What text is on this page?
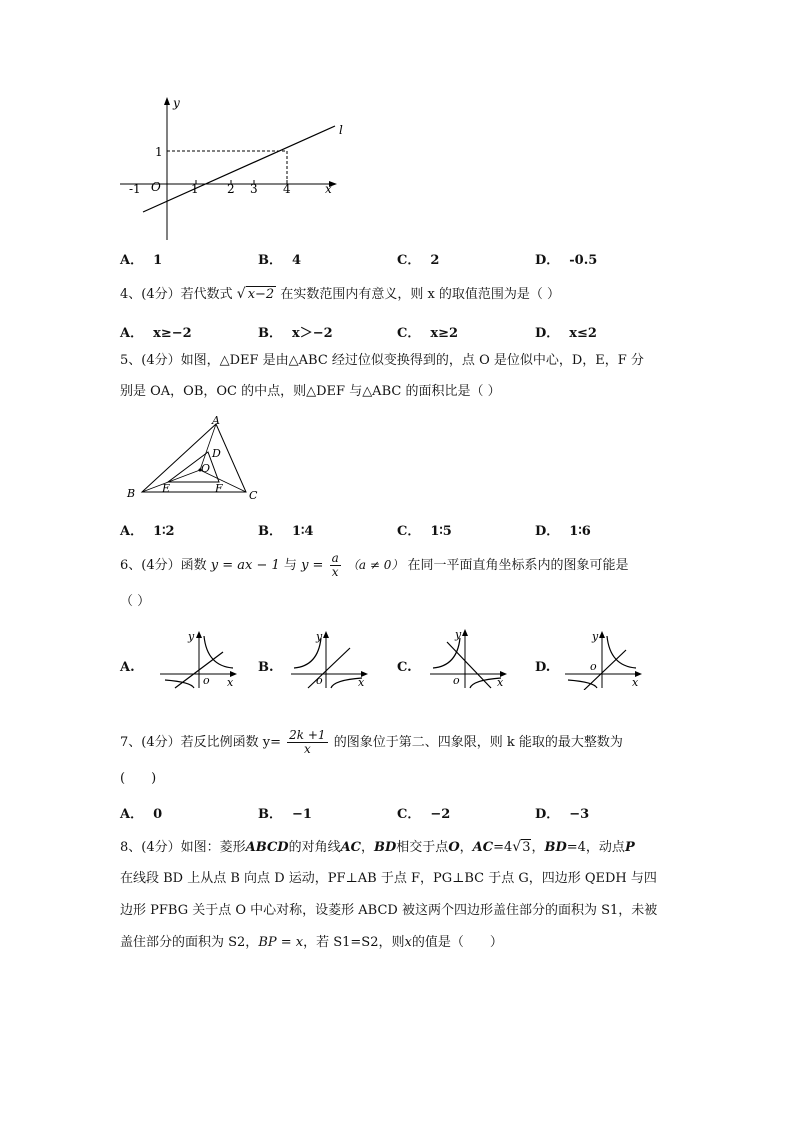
y
x
l
O
1
-1	1 2 3 4
A． 1	B． 4	C． 2	D． -0.5
4、(4分）若代数式 √ x−2 在实数范围内有意义，则 x 的取值范围为是（ ）
A． x≥−2	B． x＞−2	C． x≥2	D． x≤2
5、(4分）如图，△DEF 是由△ABC 经过位似变换得到的，点 O 是位似中心，D，E，F 分
别是 OA，OB，OC 的中点，则△DEF 与△ABC 的面积比是（ ）
A
B	C
D
E	F
O
A． 1∶2	B． 1∶4	C． 1∶5	D． 1∶6
6、(4分）函数 y = ax − 1 与 $y = \frac{a}{x} (a \ne 0)$ 在同一平面直角坐标系内的图象可能是
（ ）
A.
y
x
o
B.
y
x
o
C.
y
x
o
D.
y
x
o
7、(4分）若反比例函数 $y= \frac{2k +1}{x}$ 的图象位于第二、四象限，则 k 能取的最大整数为
(　　)
A． 0	B． −1	C． −2	D． −3
8、(4分）如图：菱形ABCD的对角线AC，BD相交于点O，AC=4√3，BD=4，动点P
在线段 BD 上从点 B 向点 D 运动，PF⊥AB 于点 F，PG⊥BC 于点 G，四边形 QEDH 与四
边形 PFBG 关于点 O 中心对称，设菱形 ABCD 被这两个四边形盖住部分的面积为 S1，未被
盖住部分的面积为 S2，BP = x，若 S1=S2，则x的值是（　　）
